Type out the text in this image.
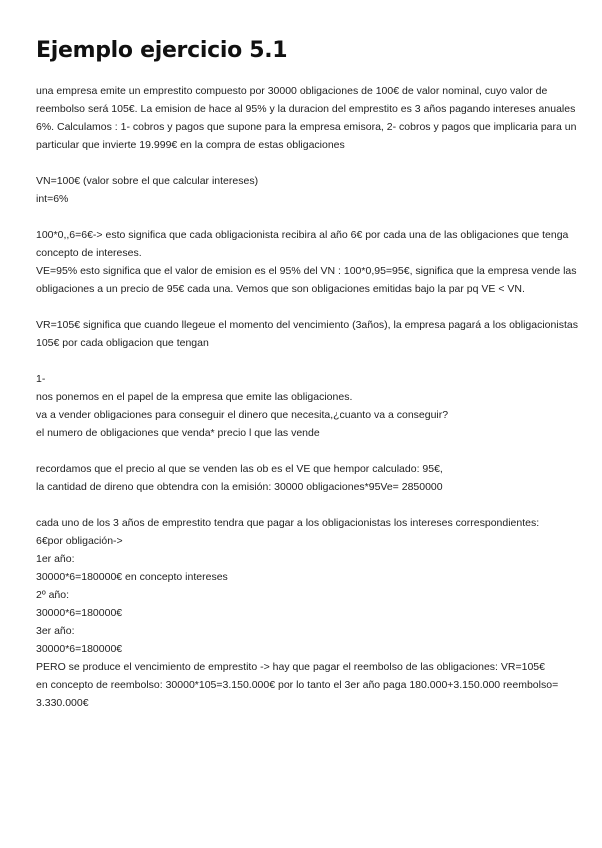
Ejemplo ejercicio 5.1
una empresa emite un emprestito compuesto por 30000 obligaciones de 100€ de valor nominal, cuyo valor de
reembolso será 105€. La emision de hace al 95% y la duracion del emprestito es 3 años pagando intereses anuales
6%. Calculamos : 1- cobros y pagos que supone para la empresa emisora, 2- cobros y pagos que implicaria para un
particular que invierte 19.999€ en la compra de estas obligaciones
VN=100€ (valor sobre el que calcular intereses)
int=6%
100*0,,6=6€-> esto significa que cada obligacionista recibira al año 6€ por cada una de las obligaciones que tenga
concepto de intereses.
VE=95% esto significa que el valor de emision es el 95% del VN : 100*0,95=95€, significa que la empresa vende las
obligaciones a un precio de 95€ cada una. Vemos que son obligaciones emitidas bajo la par pq VE < VN.
VR=105€ significa que cuando llegeue el momento del vencimiento (3años), la empresa pagará a los obligacionistas
105€ por cada obligacion que tengan
1-
nos ponemos en el papel de la empresa que emite las obligaciones.
va a vender obligaciones para conseguir el dinero que necesita,¿cuanto va a conseguir?
el numero de obligaciones que venda* precio l que las vende
recordamos que el precio al que se venden las ob es el VE que hempor calculado: 95€,
la cantidad de direno que obtendra con la emisión: 30000 obligaciones*95Ve= 2850000
cada uno de los 3 años de emprestito tendra que pagar a los obligacionistas los intereses correspondientes:
6€por obligación->
1er año:
30000*6=180000€ en concepto intereses
2º año:
30000*6=180000€
3er año:
30000*6=180000€
PERO se produce el vencimiento de emprestito -> hay que pagar el reembolso de las obligaciones: VR=105€
en concepto de reembolso: 30000*105=3.150.000€ por lo tanto el 3er año paga 180.000+3.150.000 reembolso=
3.330.000€
